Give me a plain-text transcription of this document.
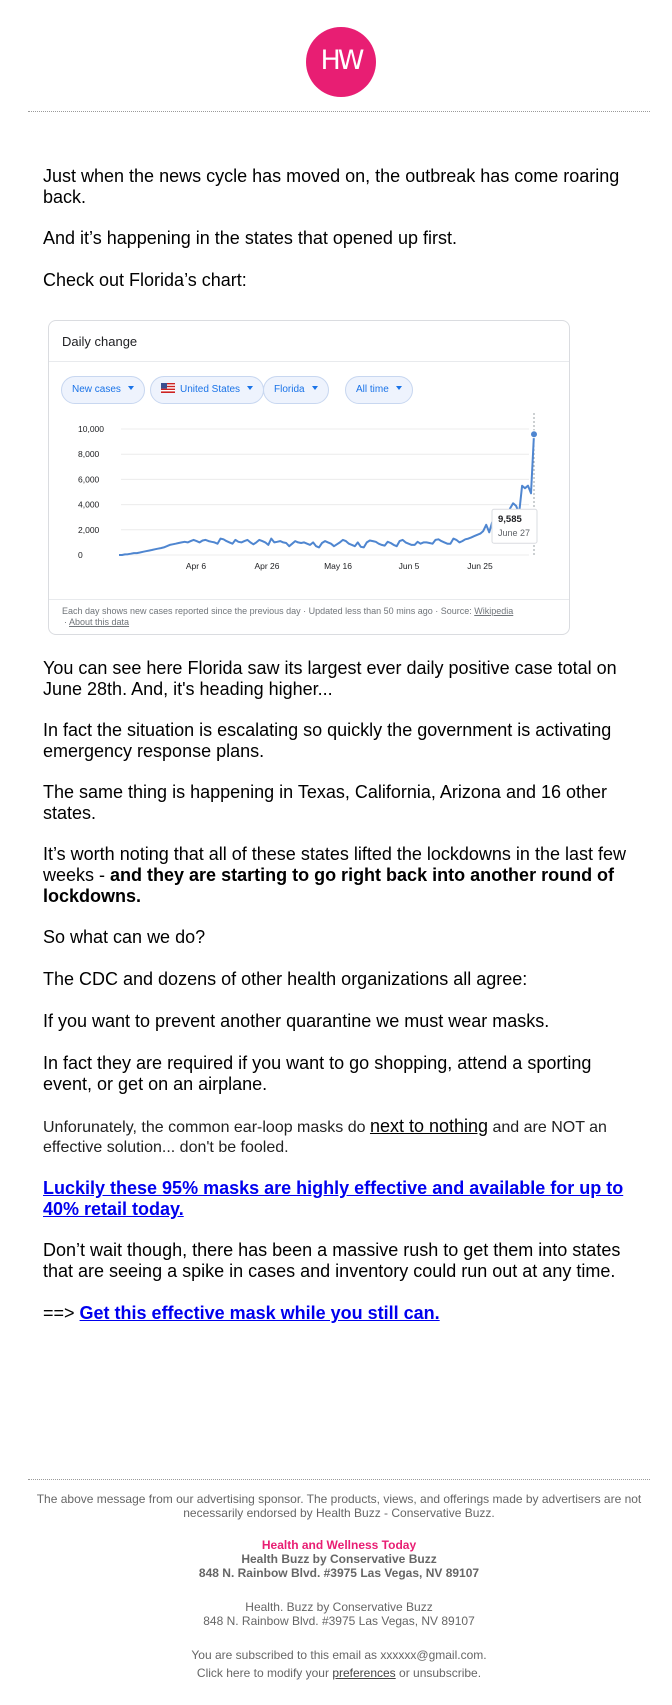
HW
Just when the news cycle has moved on, the outbreak has come roaring back.
And it’s happening in the states that opened up first.
Check out Florida’s chart:
Daily change
New cases	United States	Florida	All time
0
2,000
4,000
6,000
8,000
10,000
Apr 6	Apr 26	May 16	Jun 5	Jun 25
9,585
June 27
Each day shows new cases reported since the previous day · Updated less than 50 mins ago · Source: Wikipedia
· About this data
You can see here Florida saw its largest ever daily positive case total on June 28th. And, it's heading higher...
In fact the situation is escalating so quickly the government is activating emergency response plans.
The same thing is happening in Texas, California, Arizona and 16 other states.
It’s worth noting that all of these states lifted the lockdowns in the last few weeks - and they are starting to go right back into another round of lockdowns.
So what can we do?
The CDC and dozens of other health organizations all agree:
If you want to prevent another quarantine we must wear masks.
In fact they are required if you want to go shopping, attend a sporting event, or get on an airplane.
Unforunately, the common ear-loop masks do next to nothing and are NOT an effective solution... don't be fooled.
Luckily these 95% masks are highly effective and available for up to 40% retail today.
Don’t wait though, there has been a massive rush to get them into states that are seeing a spike in cases and inventory could run out at any time.
==> Get this effective mask while you still can.
The above message from our advertising sponsor. The products, views, and offerings made by advertisers are not necessarily endorsed by Health Buzz - Conservative Buzz.
Health and Wellness Today
Health Buzz by Conservative Buzz
848 N. Rainbow Blvd. #3975 Las Vegas, NV 89107
Health. Buzz by Conservative Buzz
848 N. Rainbow Blvd. #3975 Las Vegas, NV 89107
You are subscribed to this email as xxxxxx@gmail.com.
Click here to modify your preferences or unsubscribe.
